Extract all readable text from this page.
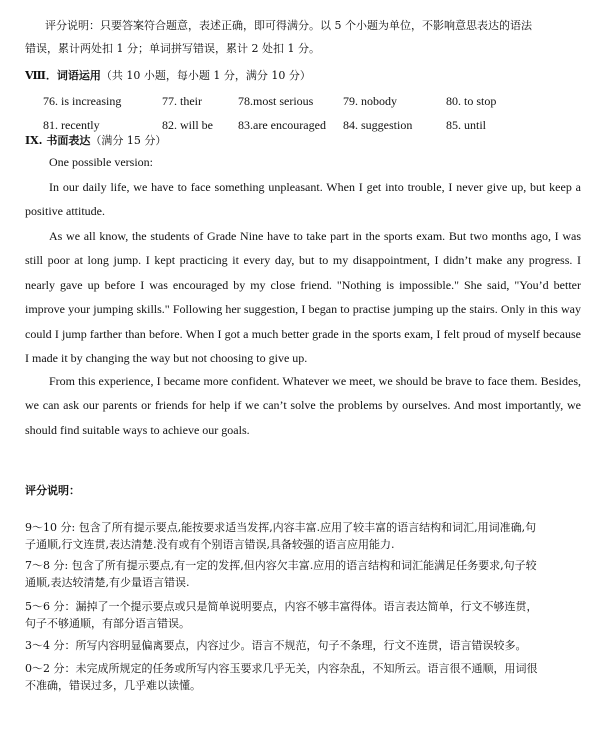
评分说明：只要答案符合题意，表述正确，即可得满分。以 5 个小题为单位，不影响意思表达的语法
错误，累计两处扣 1 分；单词拼写错误，累计 2 处扣 1 分。
Ⅷ．词语运用（共 10 小题，每小题 1 分，满分 10 分）
76. is increasing	77. their	78.most serious 79. nobody	80. to stop
81. recently	82. will be 83.are encouraged 84. suggestion	85. until
IX. 书面表达（满分 15 分）
One possible version:
In our daily life, we have to face something unpleasant. When I get into trouble, I never give up, but keep a positive attitude.
As we all know, the students of Grade Nine have to take part in the sports exam. But two months ago, I was still poor at long jump. I kept practicing it every day, but to my disappointment, I didn’t make any progress. I nearly gave up before I was encouraged by my close friend. "Nothing is impossible." She said, "You’d better improve your jumping skills." Following her suggestion, I began to practise jumping up the stairs. Only in this way could I jump farther than before. When I got a much better grade in the sports exam, I felt proud of myself because I made it by changing the way but not choosing to give up.
From this experience, I became more confident. Whatever we meet, we should be brave to face them. Besides, we can ask our parents or friends for help if we can’t solve the problems by ourselves. And most importantly, we should find suitable ways to achieve our goals.
评分说明：
9～10 分: 包含了所有提示要点,能按要求适当发挥,内容丰富.应用了较丰富的语言结构和词汇,用词准确,句
子通顺,行文连贯,表达清楚.没有或有个别语言错误,具备较强的语言应用能力.
7～8 分: 包含了所有提示要点,有一定的发挥,但内容欠丰富.应用的语言结构和词汇能满足任务要求,句子较
通顺,表达较清楚,有少量语言错误.
5～6 分：漏掉了一个提示要点或只是简单说明要点，内容不够丰富得体。语言表达简单，行文不够连贯，
句子不够通顺，有部分语言错误。
3～4 分：所写内容明显偏离要点，内容过少。语言不规范，句子不条理，行文不连贯，语言错误较多。
0～2 分：未完成所规定的任务或所写内容玉要求几乎无关，内容杂乱，不知所云。语言很不通顺，用词很
不准确，错误过多，几乎难以读懂。
